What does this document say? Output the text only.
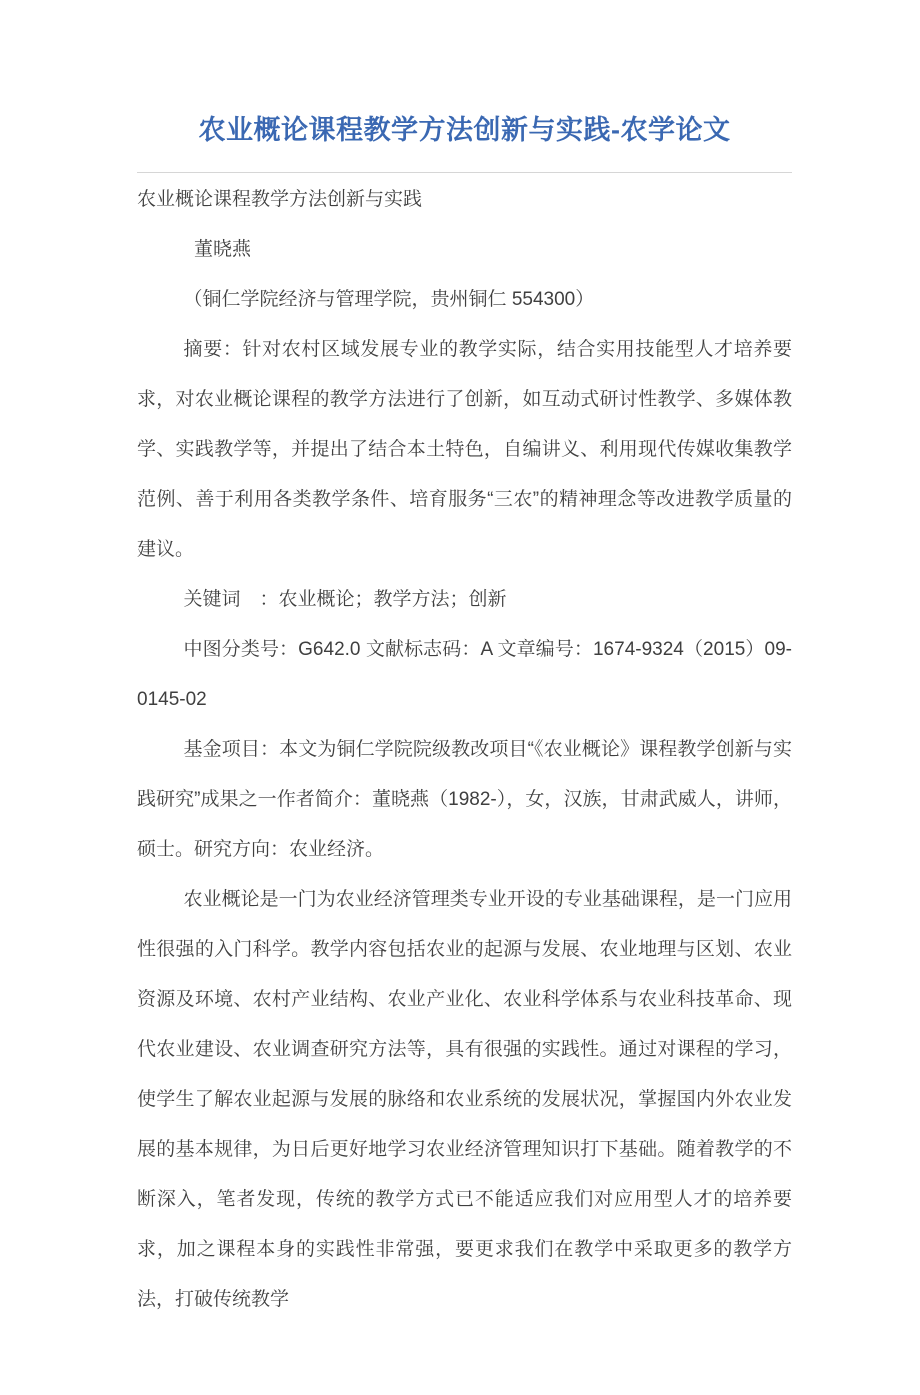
农业概论课程教学方法创新与实践-农学论文

农业概论课程教学方法创新与实践

董晓燕

（铜仁学院经济与管理学院，贵州铜仁 554300）

摘要：针对农村区域发展专业的教学实际，结合实用技能型人才培养要求，对农业概论课程的教学方法进行了创新，如互动式研讨性教学、多媒体教学、实践教学等，并提出了结合本土特色，自编讲义、利用现代传媒收集教学范例、善于利用各类教学条件、培育服务“三农”的精神理念等改进教学质量的建议。

关键词　：农业概论；教学方法；创新

中图分类号：G642.0 文献标志码：A 文章编号：1674-9324（2015）09-0145-02

基金项目：本文为铜仁学院院级教改项目“《农业概论》课程教学创新与实践研究”成果之一作者简介：董晓燕（1982-），女，汉族，甘肃武威人，讲师，硕士。研究方向：农业经济。

农业概论是一门为农业经济管理类专业开设的专业基础课程，是一门应用性很强的入门科学。教学内容包括农业的起源与发展、农业地理与区划、农业资源及环境、农村产业结构、农业产业化、农业科学体系与农业科技革命、现代农业建设、农业调查研究方法等，具有很强的实践性。通过对课程的学习，使学生了解农业起源与发展的脉络和农业系统的发展状况，掌握国内外农业发展的基本规律，为日后更好地学习农业经济管理知识打下基础。随着教学的不断深入，笔者发现，传统的教学方式已不能适应我们对应用型人才的培养要求，加之课程本身的实践性非常强，要更求我们在教学中采取更多的教学方法，打破传统教学
